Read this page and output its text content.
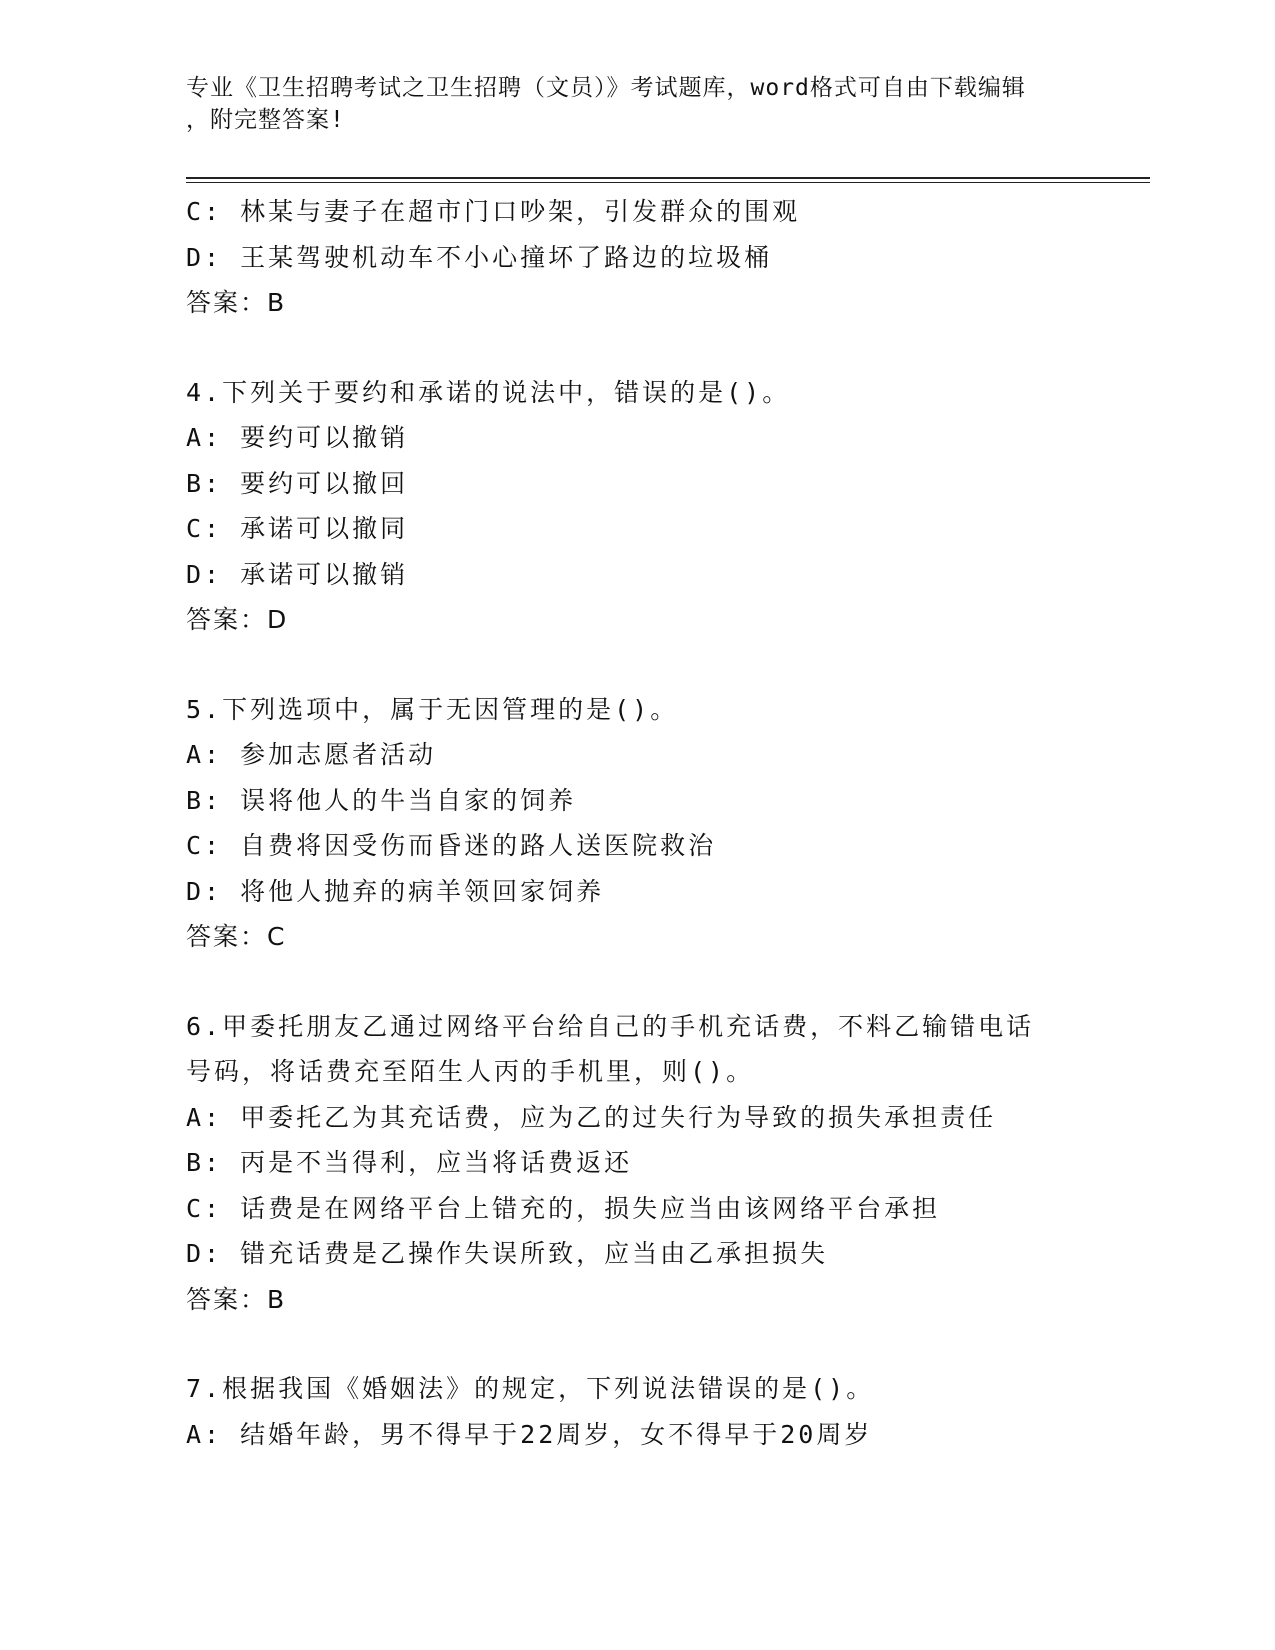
专业《卫生招聘考试之卫生招聘（文员）》考试题库，word格式可自由下载编辑
，附完整答案!
C: 林某与妻子在超市门口吵架，引发群众的围观
D: 王某驾驶机动车不小心撞坏了路边的垃圾桶
答案：B
4.下列关于要约和承诺的说法中，错误的是()。
A: 要约可以撤销
B: 要约可以撤回
C: 承诺可以撤同
D: 承诺可以撤销
答案：D
5.下列选项中，属于无因管理的是()。
A: 参加志愿者活动
B: 误将他人的牛当自家的饲养
C: 自费将因受伤而昏迷的路人送医院救治
D: 将他人抛弃的病羊领回家饲养
答案：C
6.甲委托朋友乙通过网络平台给自己的手机充话费，不料乙输错电话
号码，将话费充至陌生人丙的手机里，则()。
A: 甲委托乙为其充话费，应为乙的过失行为导致的损失承担责任
B: 丙是不当得利，应当将话费返还
C: 话费是在网络平台上错充的，损失应当由该网络平台承担
D: 错充话费是乙操作失误所致，应当由乙承担损失
答案：B
7.根据我国《婚姻法》的规定，下列说法错误的是()。
A: 结婚年龄，男不得早于22周岁，女不得早于20周岁
